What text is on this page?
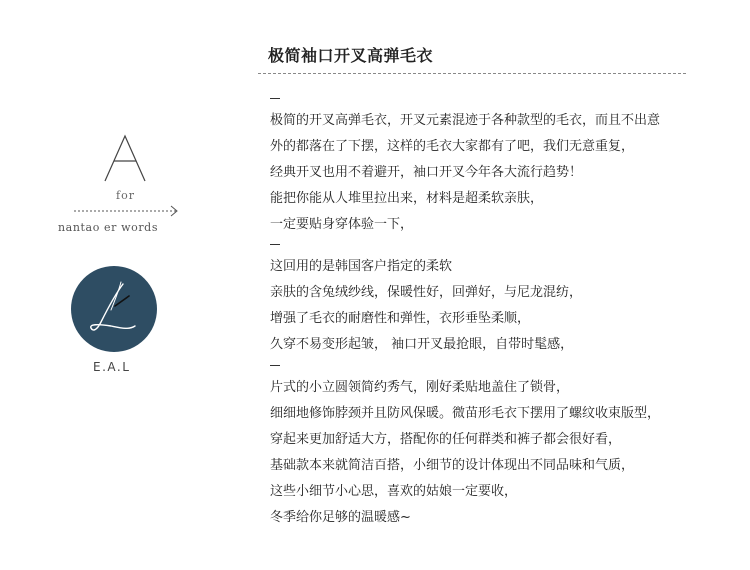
for
nantao er words
E.A.L
极简袖口开叉高弹毛衣
极简的开叉高弹毛衣，开叉元素混迹于各种款型的毛衣，而且不出意
外的都落在了下摆，这样的毛衣大家都有了吧，我们无意重复，
经典开叉也用不着避开，袖口开叉今年各大流行趋势！
能把你能从人堆里拉出来，材料是超柔软亲肤，
一定要贴身穿体验一下，
这回用的是韩国客户指定的柔软
亲肤的含兔绒纱线，保暖性好，回弹好，与尼龙混纺，
增强了毛衣的耐磨性和弹性，衣形垂坠柔顺，
久穿不易变形起皱， 袖口开叉最抢眼，自带时髦感，
片式的小立圆领简约秀气，刚好柔贴地盖住了锁骨，
细细地修饰脖颈并且防风保暖。微苗形毛衣下摆用了螺纹收束版型，
穿起来更加舒适大方，搭配你的任何群类和裤子都会很好看，
基础款本来就简洁百搭，小细节的设计体现出不同品味和气质，
这些小细节小心思，喜欢的姑娘一定要收，
冬季给你足够的温暖感~
